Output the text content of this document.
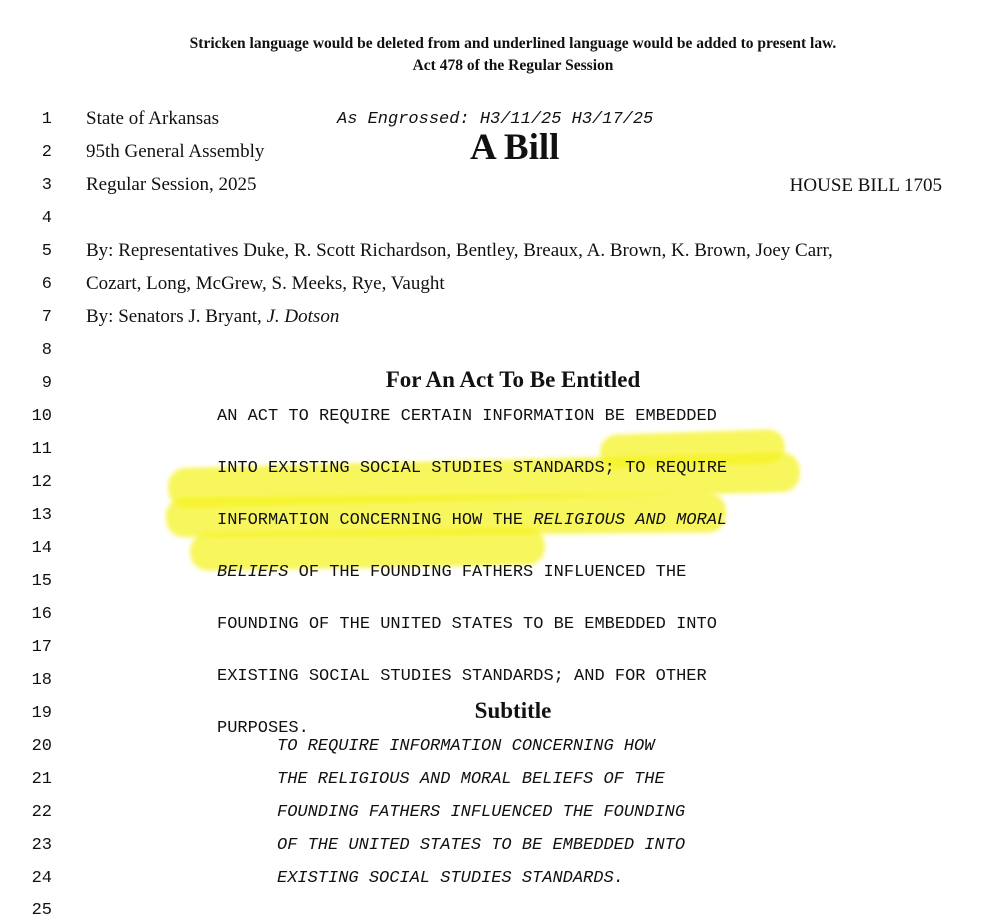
Stricken language would be deleted from and underlined language would be added to present law.
Act 478 of the Regular Session
1
2
3
4
5
6
7
8
9
10
11
12
13
14
15
16
17
18
19
20
21
22
23
24
25
State of Arkansas	As Engrossed: H3/11/25 H3/17/25
95th General Assembly	A Bill
Regular Session, 2025	HOUSE BILL 1705
By: Representatives Duke, R. Scott Richardson, Bentley, Breaux, A. Brown, K. Brown, Joey Carr,
Cozart, Long, McGrew, S. Meeks, Rye, Vaught
By: Senators J. Bryant, J. Dotson
For An Act To Be Entitled
AN ACT TO REQUIRE CERTAIN INFORMATION BE EMBEDDED
INTO EXISTING SOCIAL STUDIES STANDARDS; TO REQUIRE
INFORMATION CONCERNING HOW THE RELIGIOUS AND MORAL
BELIEFS OF THE FOUNDING FATHERS INFLUENCED THE
FOUNDING OF THE UNITED STATES TO BE EMBEDDED INTO
EXISTING SOCIAL STUDIES STANDARDS; AND FOR OTHER
PURPOSES.
Subtitle
TO REQUIRE INFORMATION CONCERNING HOW
THE RELIGIOUS AND MORAL BELIEFS OF THE
FOUNDING FATHERS INFLUENCED THE FOUNDING
OF THE UNITED STATES TO BE EMBEDDED INTO
EXISTING SOCIAL STUDIES STANDARDS.
